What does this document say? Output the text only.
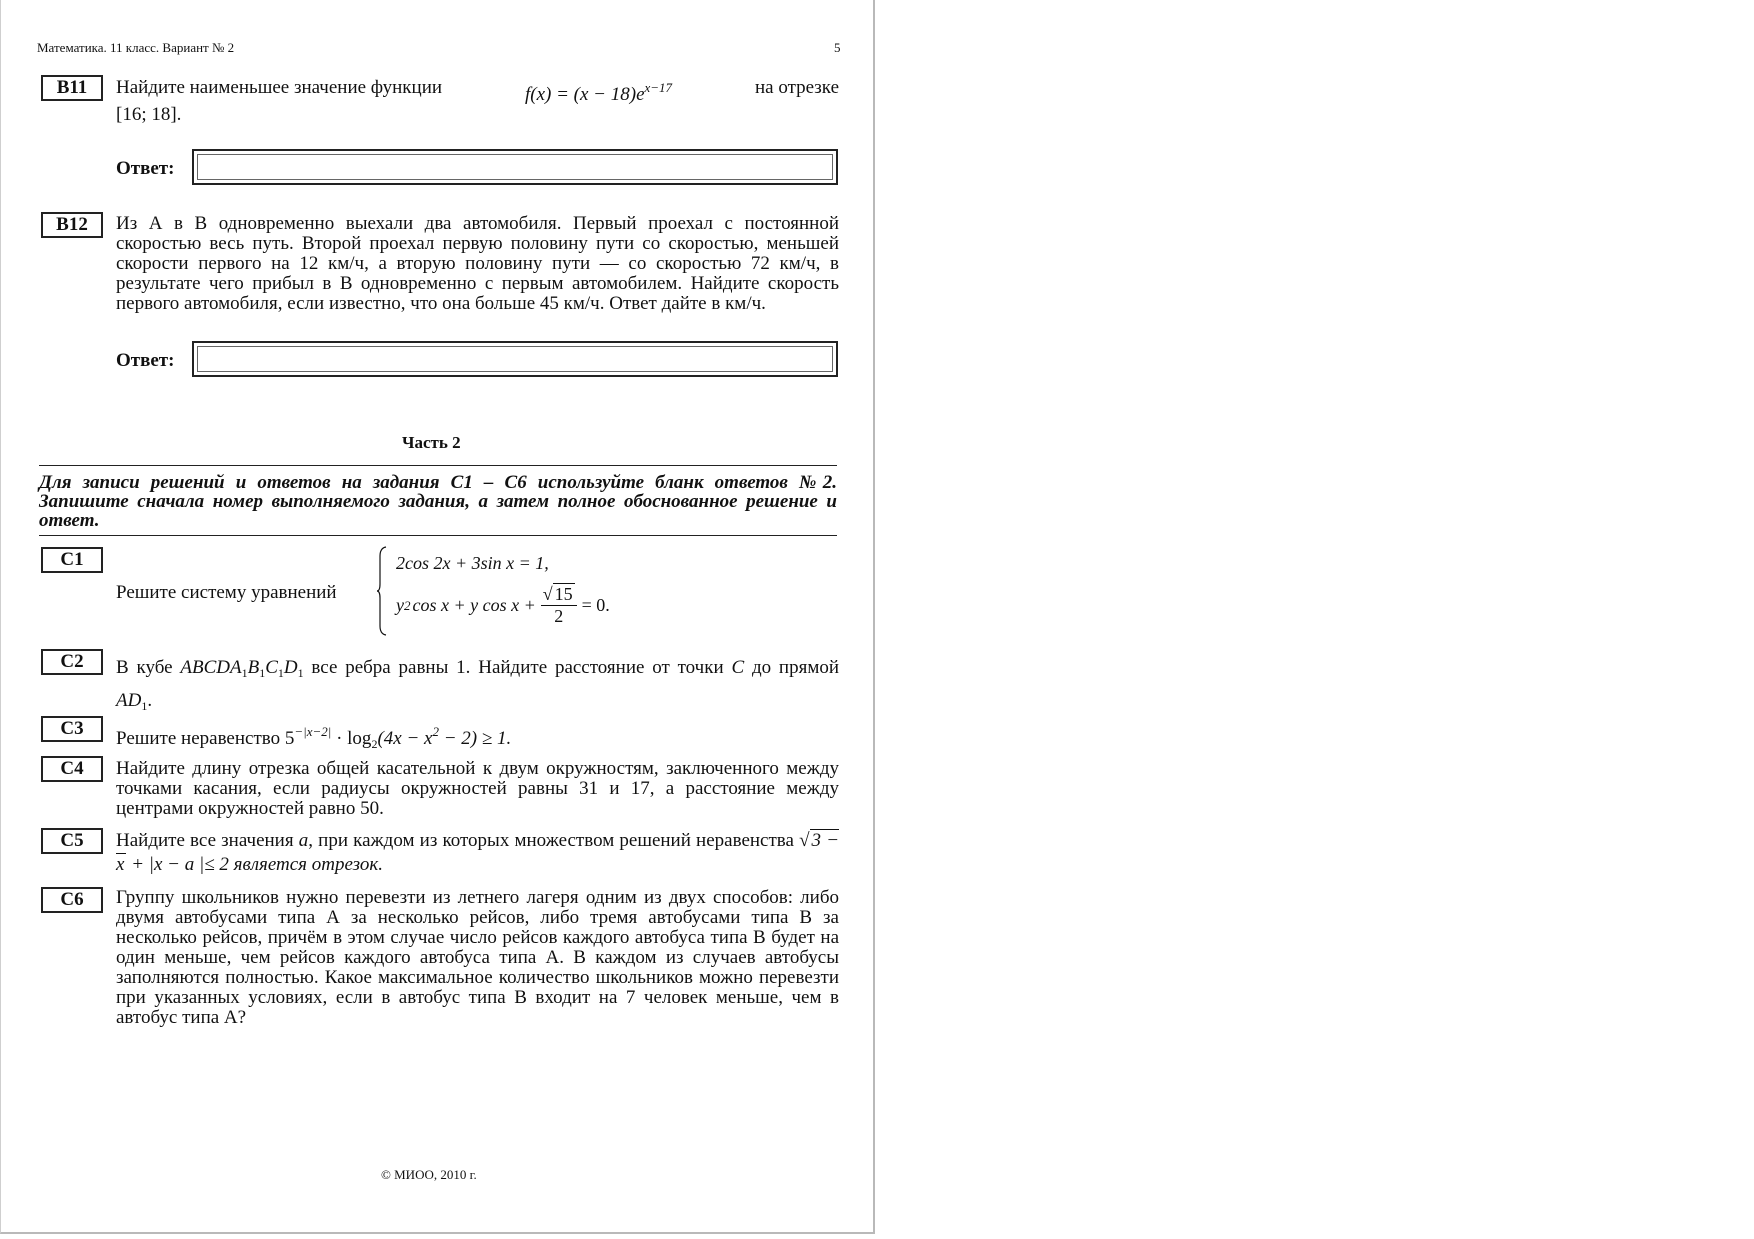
Математика. 11 класс. Вариант № 2	5
B11	Найдите наименьшее значение функции	$f(x) = (x - 18)e^{x-17}$	на отрезке
[16; 18].
Ответ:
B12	Из А в В одновременно выехали два автомобиля. Первый проехал с постоянной скоростью весь путь. Второй проехал первую половину пути со скоростью, меньшей скорости первого на 12 км/ч, а вторую половину пути — со скоростью 72 км/ч, в результате чего прибыл в В одновременно с первым автомобилем. Найдите скорость первого автомобиля, если известно, что она больше 45 км/ч. Ответ дайте в км/ч.
Ответ:
Часть 2
Для записи решений и ответов на задания С1 – С6 используйте бланк ответов №2. Запишите сначала номер выполняемого задания, а затем полное обоснованное решение и ответ.
C1
Решите систему уравнений
2cos 2x + 3sin x = 1,
y 2 cos x + y $\cos x + \frac{√ 15}{2} = 0$.
C2	В кубе $ABCDA_1B_1C_1D_1$ все ребра равны 1. Найдите расстояние от точки C до прямой $AD_1$.
C3	Решите неравенство $5^{-|x-2|} \cdot \log_2(4x - x^2 - 2) \ge 1$.
C4	Найдите длину отрезка общей касательной к двум окружностям, заключенного между точками касания, если радиусы окружностей равны 31 и 17, а расстояние между центрами окружностей равно 50.
C5	Найдите все значения a, при каждом из которых множеством решений неравенства √ 3 − x + |x − a |≤ 2 является отрезок.
C6	Группу школьников нужно перевезти из летнего лагеря одним из двух способов: либо двумя автобусами типа А за несколько рейсов, либо тремя автобусами типа В за несколько рейсов, причём в этом случае число рейсов каждого автобуса типа В будет на один меньше, чем рейсов каждого автобуса типа А. В каждом из случаев автобусы заполняются полностью. Какое максимальное количество школьников можно перевезти при указанных условиях, если в автобус типа В входит на 7 человек меньше, чем в автобус типа А?
© МИОО, 2010 г.
